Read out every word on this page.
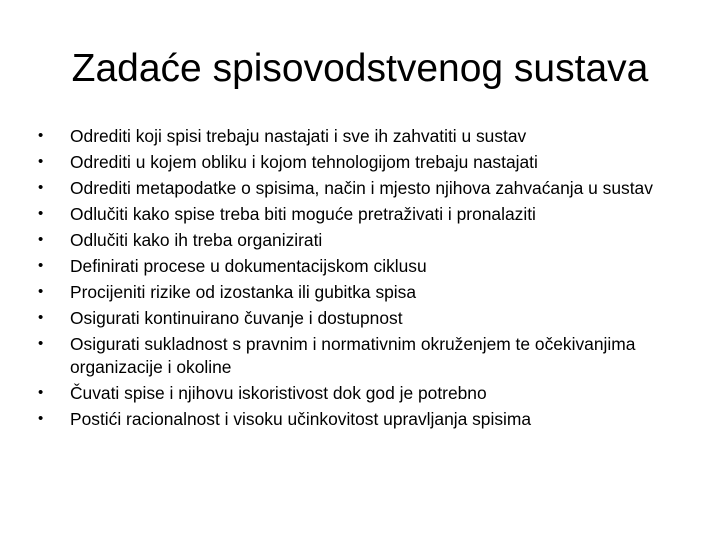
Zadaće spisovodstvenog sustava
•	Odrediti koji spisi trebaju nastajati i sve ih zahvatiti u sustav
•	Odrediti u kojem obliku i kojom tehnologijom trebaju nastajati
•	Odrediti metapodatke o spisima, način i mjesto njihova zahvaćanja u sustav
•	Odlučiti kako spise treba biti moguće pretraživati i pronalaziti
•	Odlučiti kako ih treba organizirati
•	Definirati procese u dokumentacijskom ciklusu
•	Procijeniti rizike od izostanka ili gubitka spisa
•	Osigurati kontinuirano čuvanje i dostupnost
•	Osigurati sukladnost s pravnim i normativnim okruženjem te očekivanjima organizacije i okoline
•	Čuvati spise i njihovu iskoristivost dok god je potrebno
•	Postići racionalnost i visoku učinkovitost upravljanja spisima
